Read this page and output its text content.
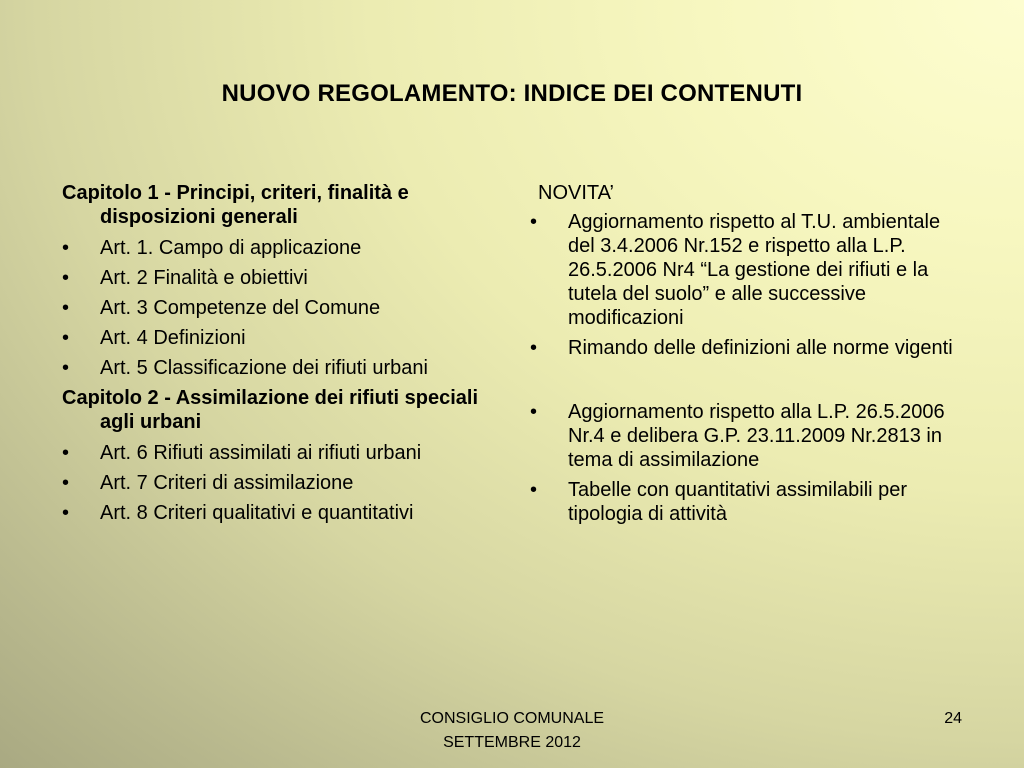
NUOVO REGOLAMENTO: INDICE DEI CONTENUTI
Capitolo 1 - Principi, criteri, finalità e disposizioni generali
•	Art. 1. Campo di applicazione
•	Art. 2 Finalità e obiettivi
•	Art. 3 Competenze del Comune
•	Art. 4 Definizioni
•	Art. 5 Classificazione dei rifiuti urbani
Capitolo 2 - Assimilazione dei rifiuti speciali agli urbani
•	Art. 6 Rifiuti assimilati ai rifiuti urbani
•	Art. 7 Criteri di assimilazione
•	Art. 8 Criteri qualitativi e quantitativi
NOVITA’
•	Aggiornamento rispetto al T.U. ambientale del 3.4.2006 Nr.152 e rispetto alla L.P. 26.5.2006 Nr4 “La gestione dei rifiuti e la tutela del suolo” e alle successive modificazioni
•	Rimando delle definizioni alle norme vigenti
•	Aggiornamento rispetto alla L.P. 26.5.2006 Nr.4 e delibera G.P. 23.11.2009 Nr.2813 in tema di assimilazione
•	Tabelle con quantitativi assimilabili per tipologia di attività
CONSIGLIO COMUNALE
SETTEMBRE 2012
24
